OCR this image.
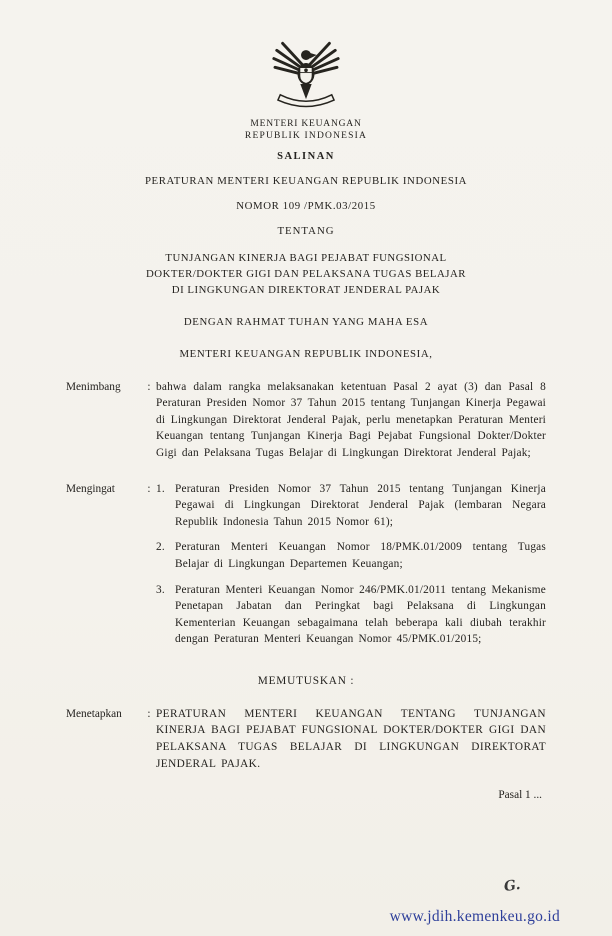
MENTERI KEUANGAN
REPUBLIK INDONESIA
SALINAN
PERATURAN MENTERI KEUANGAN REPUBLIK INDONESIA
NOMOR 109 /PMK.03/2015
TENTANG
TUNJANGAN KINERJA BAGI PEJABAT FUNGSIONAL
DOKTER/DOKTER GIGI DAN PELAKSANA TUGAS BELAJAR
DI LINGKUNGAN DIREKTORAT JENDERAL PAJAK
DENGAN RAHMAT TUHAN YANG MAHA ESA
MENTERI KEUANGAN REPUBLIK INDONESIA,
Menimbang	: bahwa dalam rangka melaksanakan ketentuan Pasal 2 ayat (3) dan Pasal 8 Peraturan Presiden Nomor 37 Tahun 2015 tentang Tunjangan Kinerja Pegawai di Lingkungan Direktorat Jenderal Pajak, perlu menetapkan Peraturan Menteri Keuangan tentang Tunjangan Kinerja Bagi Pejabat Fungsional Dokter/Dokter Gigi dan Pelaksana Tugas Belajar di Lingkungan Direktorat Jenderal Pajak;
Mengingat	: 1. Peraturan Presiden Nomor 37 Tahun 2015 tentang Tunjangan Kinerja Pegawai di Lingkungan Direktorat Jenderal Pajak (lembaran Negara Republik Indonesia Tahun 2015 Nomor 61);
2. Peraturan Menteri Keuangan Nomor 18/PMK.01/2009 tentang Tugas Belajar di Lingkungan Departemen Keuangan;
3. Peraturan Menteri Keuangan Nomor 246/PMK.01/2011 tentang Mekanisme Penetapan Jabatan dan Peringkat bagi Pelaksana di Lingkungan Kementerian Keuangan sebagaimana telah beberapa kali diubah terakhir dengan Peraturan Menteri Keuangan Nomor 45/PMK.01/2015;
MEMUTUSKAN :
Menetapkan	: PERATURAN MENTERI KEUANGAN TENTANG TUNJANGAN KINERJA BAGI PEJABAT FUNGSIONAL DOKTER/DOKTER GIGI DAN PELAKSANA TUGAS BELAJAR DI LINGKUNGAN DIREKTORAT JENDERAL PAJAK.
Pasal 1 ...
G.
www.jdih.kemenkeu.go.id
